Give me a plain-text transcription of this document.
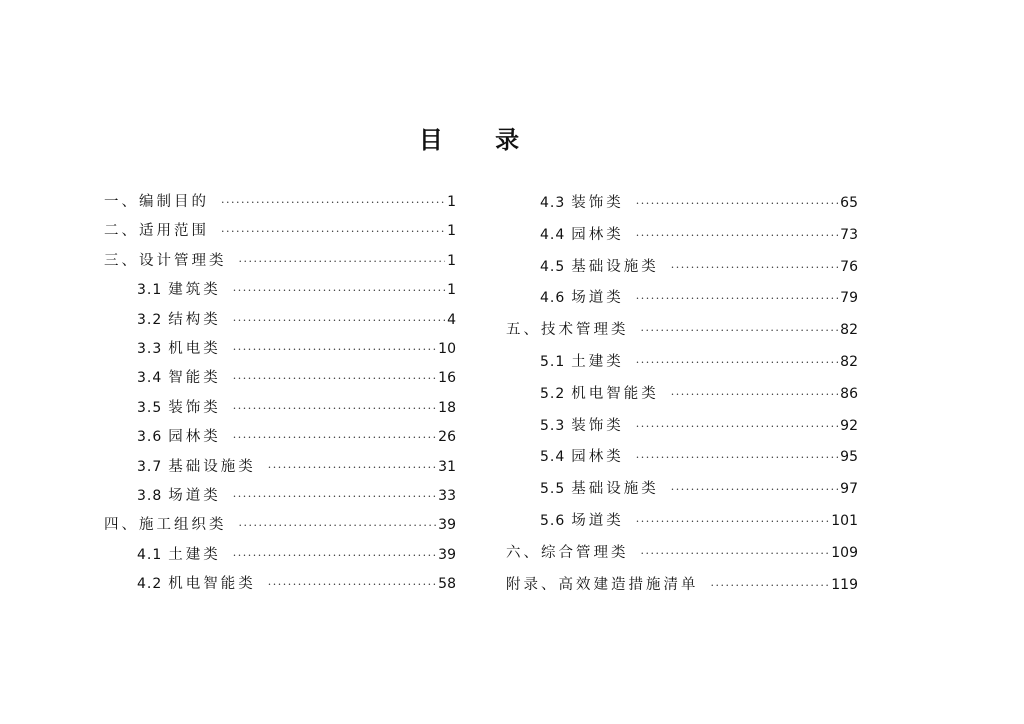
目 录
一、编制目的 ·····	1
二、适用范围 ·····	1
三、设计管理类 ·····	1
3.1 建筑类 ·····	1
3.2 结构类 ·····	4
3.3 机电类 ·····	10
3.4 智能类 ·····	16
3.5 装饰类 ·····	18
3.6 园林类 ·····	26
3.7 基础设施类 ·····	31
3.8 场道类 ·····	33
四、施工组织类 ·····	39
4.1 土建类 ·····	39
4.2 机电智能类 ·····	58
4.3 装饰类 ·····	65
4.4 园林类 ·····	73
4.5 基础设施类 ·····	76
4.6 场道类 ·····	79
五、技术管理类 ·····	82
5.1 土建类 ·····	82
5.2 机电智能类 ·····	86
5.3 装饰类 ·····	92
5.4 园林类 ·····	95
5.5 基础设施类 ·····	97
5.6 场道类 ·····	101
六、综合管理类 ·····	109
附录、高效建造措施清单 ·····	119
